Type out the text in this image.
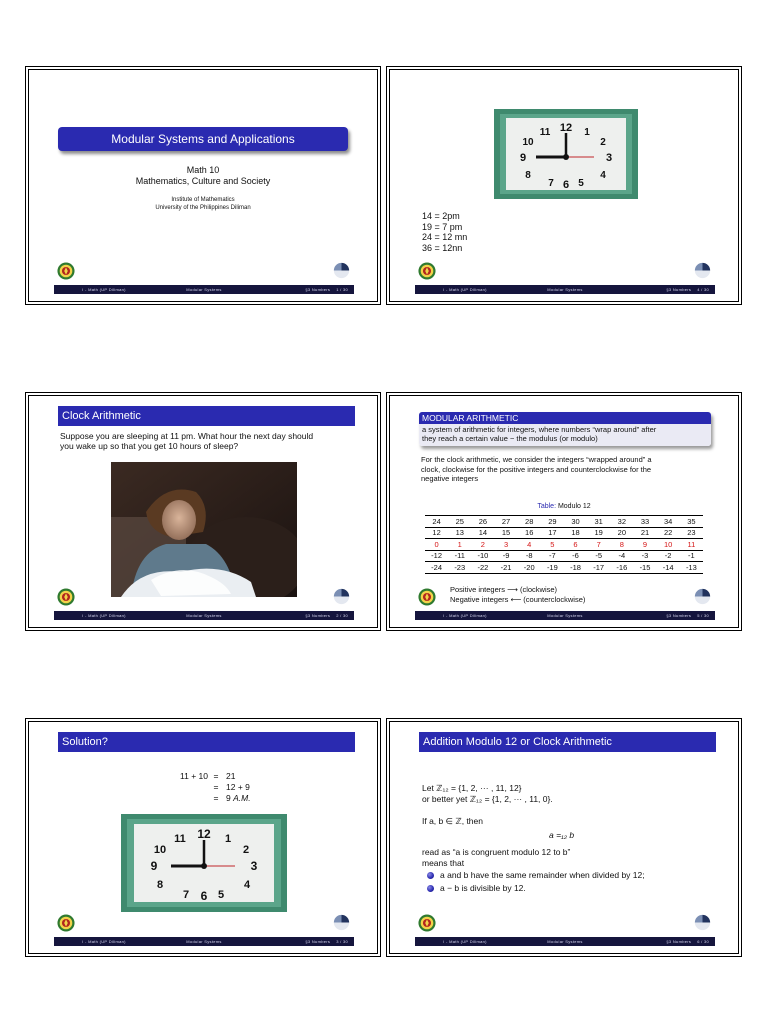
Modular Systems and Applications
Math 10
Mathematics, Culture and Society
Institute of Mathematics
University of the Philippines Diliman
I - Math (UP Diliman)	Modular Systems	§3 Numbers 1 / 30
12 1
2
3
4
5
6
7
8
9
10
11
14 = 2pm
19 = 7 pm
24 = 12 mn
36 = 12nn
I - Math (UP Diliman)	Modular Systems	§3 Numbers 4 / 30
Clock Arithmetic
Suppose you are sleeping at 11 pm. What hour the next day should
you wake up so that you get 10 hours of sleep?
I - Math (UP Diliman)	Modular Systems	§3 Numbers 2 / 30
MODULAR ARITHMETIC
a system of arithmetic for integers, where numbers “wrap around” after
they reach a certain value − the modulus (or modulo)
For the clock arithmetic, we consider the integers “wrapped around” a
clock, clockwise for the positive integers and counterclockwise for the
negative integers
Table: Modulo 12
24	25	26	27	28	29	30	31	32	33	34	35
12	13	14	15	16	17	18	19	20	21	22	23
0	1	2	3	4	5	6	7	8	9	10	11
-12	-11	-10	-9	-8	-7	-6	-5	-4	-3	-2	-1
-24	-23	-22	-21	-20	-19	-18	-17	-16	-15	-14	-13
Positive integers ⟶ (clockwise)
Negative integers ⟵ (counterclockwise)
I - Math (UP Diliman)	Modular Systems	§3 Numbers 5 / 30
Solution?
11 + 10 = 21
= 12 + 9
= 9 A.M.
12 1
2
3
4
5
6
7
8
9
10
11
I - Math (UP Diliman)	Modular Systems	§3 Numbers 3 / 30
Addition Modulo 12 or Clock Arithmetic
Let ℤ₁₂ = {1, 2, ··· , 11, 12}
or better yet ℤ₁₂ = {1, 2, ··· , 11, 0}.
If a, b ∈ ℤ, then
a =₁₂ b
read as “a is congruent modulo 12 to b”
means that
a and b have the same remainder when divided by 12;
a − b is divisible by 12.
I - Math (UP Diliman)	Modular Systems	§3 Numbers 6 / 30
